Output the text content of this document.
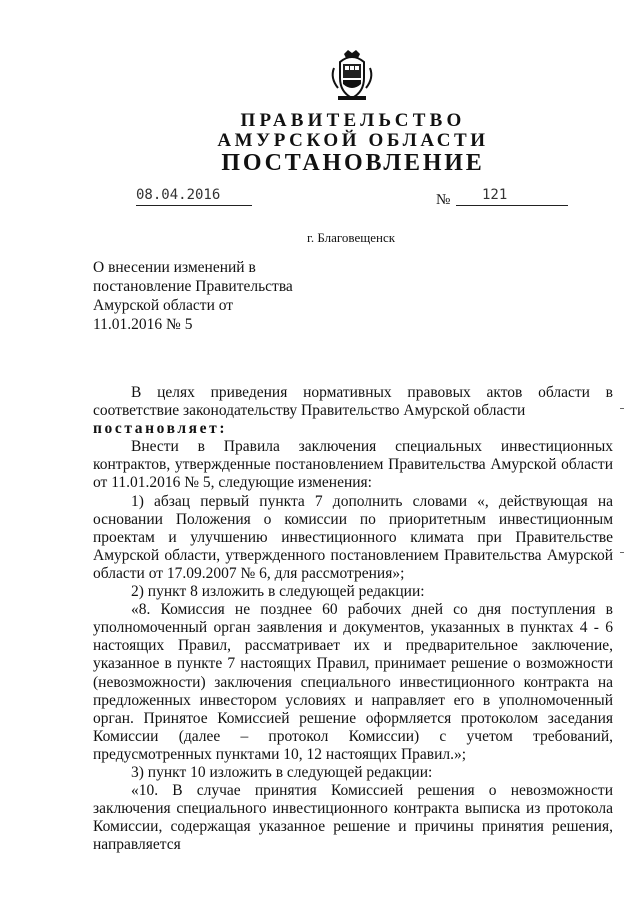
ПРАВИТЕЛЬСТВО
АМУРСКОЙ ОБЛАСТИ
ПОСТАНОВЛЕНИЕ
08.04.2016	№	121
г. Благовещенск
О внесении изменений в
постановление Правительства
Амурской области от
11.01.2016 № 5

В целях приведения нормативных правовых актов области в соответствие законодательству Правительство Амурской области

постановляет:

Внести в Правила заключения специальных инвестиционных контрактов, утвержденные постановлением Правительства Амурской области от 11.01.2016 № 5, следующие изменения:

1) абзац первый пункта 7 дополнить словами «, действующая на основании Положения о комиссии по приоритетным инвестиционным проектам и улучшению инвестиционного климата при Правительстве Амурской области, утвержденного постановлением Правительства Амурской области от 17.09.2007 № 6, для рассмотрения»;

2) пункт 8 изложить в следующей редакции:

«8. Комиссия не позднее 60 рабочих дней со дня поступления в уполномоченный орган заявления и документов, указанных в пунктах 4 - 6 настоящих Правил, рассматривает их и предварительное заключение, указанное в пункте 7 настоящих Правил, принимает решение о возможности (невозможности) заключения специального инвестиционного контракта на предложенных инвестором условиях и направляет его в уполномоченный орган. Принятое Комиссией решение оформляется протоколом заседания Комиссии (далее – протокол Комиссии) с учетом требований, предусмотренных пунктами 10, 12 настоящих Правил.»;

3) пункт 10 изложить в следующей редакции:

«10. В случае принятия Комиссией решения о невозможности заключения специального инвестиционного контракта выписка из протокола Комиссии, содержащая указанное решение и причины принятия решения, направляется
